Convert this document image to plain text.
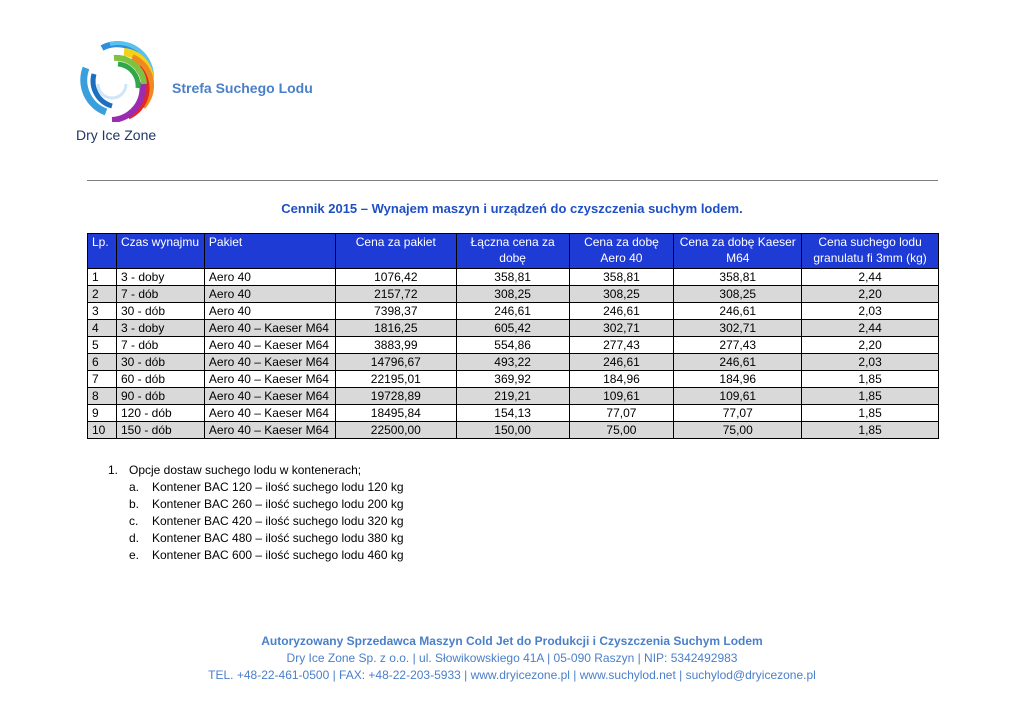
Dry Ice Zone
Strefa Suchego Lodu
Cennik 2015 – Wynajem maszyn i urządzeń do czyszczenia suchym lodem.
Lp.	Czas wynajmu	Pakiet	Cena za pakiet	Łączna cena za dobę	Cena za dobę Aero 40	Cena za dobę Kaeser M64	Cena suchego lodu granulatu fi 3mm (kg)
1	3 - doby	Aero 40	1076,42	358,81	358,81	358,81	2,44
2	7 - dób	Aero 40	2157,72	308,25	308,25	308,25	2,20
3	30 - dób	Aero 40	7398,37	246,61	246,61	246,61	2,03
4	3 - doby	Aero 40 – Kaeser M64	1816,25	605,42	302,71	302,71	2,44
5	7 - dób	Aero 40 – Kaeser M64	3883,99	554,86	277,43	277,43	2,20
6	30 - dób	Aero 40 – Kaeser M64	14796,67	493,22	246,61	246,61	2,03
7	60 - dób	Aero 40 – Kaeser M64	22195,01	369,92	184,96	184,96	1,85
8	90 - dób	Aero 40 – Kaeser M64	19728,89	219,21	109,61	109,61	1,85
9	120 - dób	Aero 40 – Kaeser M64	18495,84	154,13	77,07	77,07	1,85
10	150 - dób	Aero 40 – Kaeser M64	22500,00	150,00	75,00	75,00	1,85
1. Opcje dostaw suchego lodu w kontenerach;
a.	Kontener BAC 120 – ilość suchego lodu 120 kg
b.	Kontener BAC 260 – ilość suchego lodu 200 kg
c.	Kontener BAC 420 – ilość suchego lodu 320 kg
d.	Kontener BAC 480 – ilość suchego lodu 380 kg
e.	Kontener BAC 600 – ilość suchego lodu 460 kg
Autoryzowany Sprzedawca Maszyn Cold Jet do Produkcji i Czyszczenia Suchym Lodem
Dry Ice Zone Sp. z o.o. | ul. Słowikowskiego 41A | 05-090 Raszyn | NIP: 5342492983
TEL. +48-22-461-0500 | FAX: +48-22-203-5933 | www.dryicezone.pl | www.suchylod.net | suchylod@dryicezone.pl
